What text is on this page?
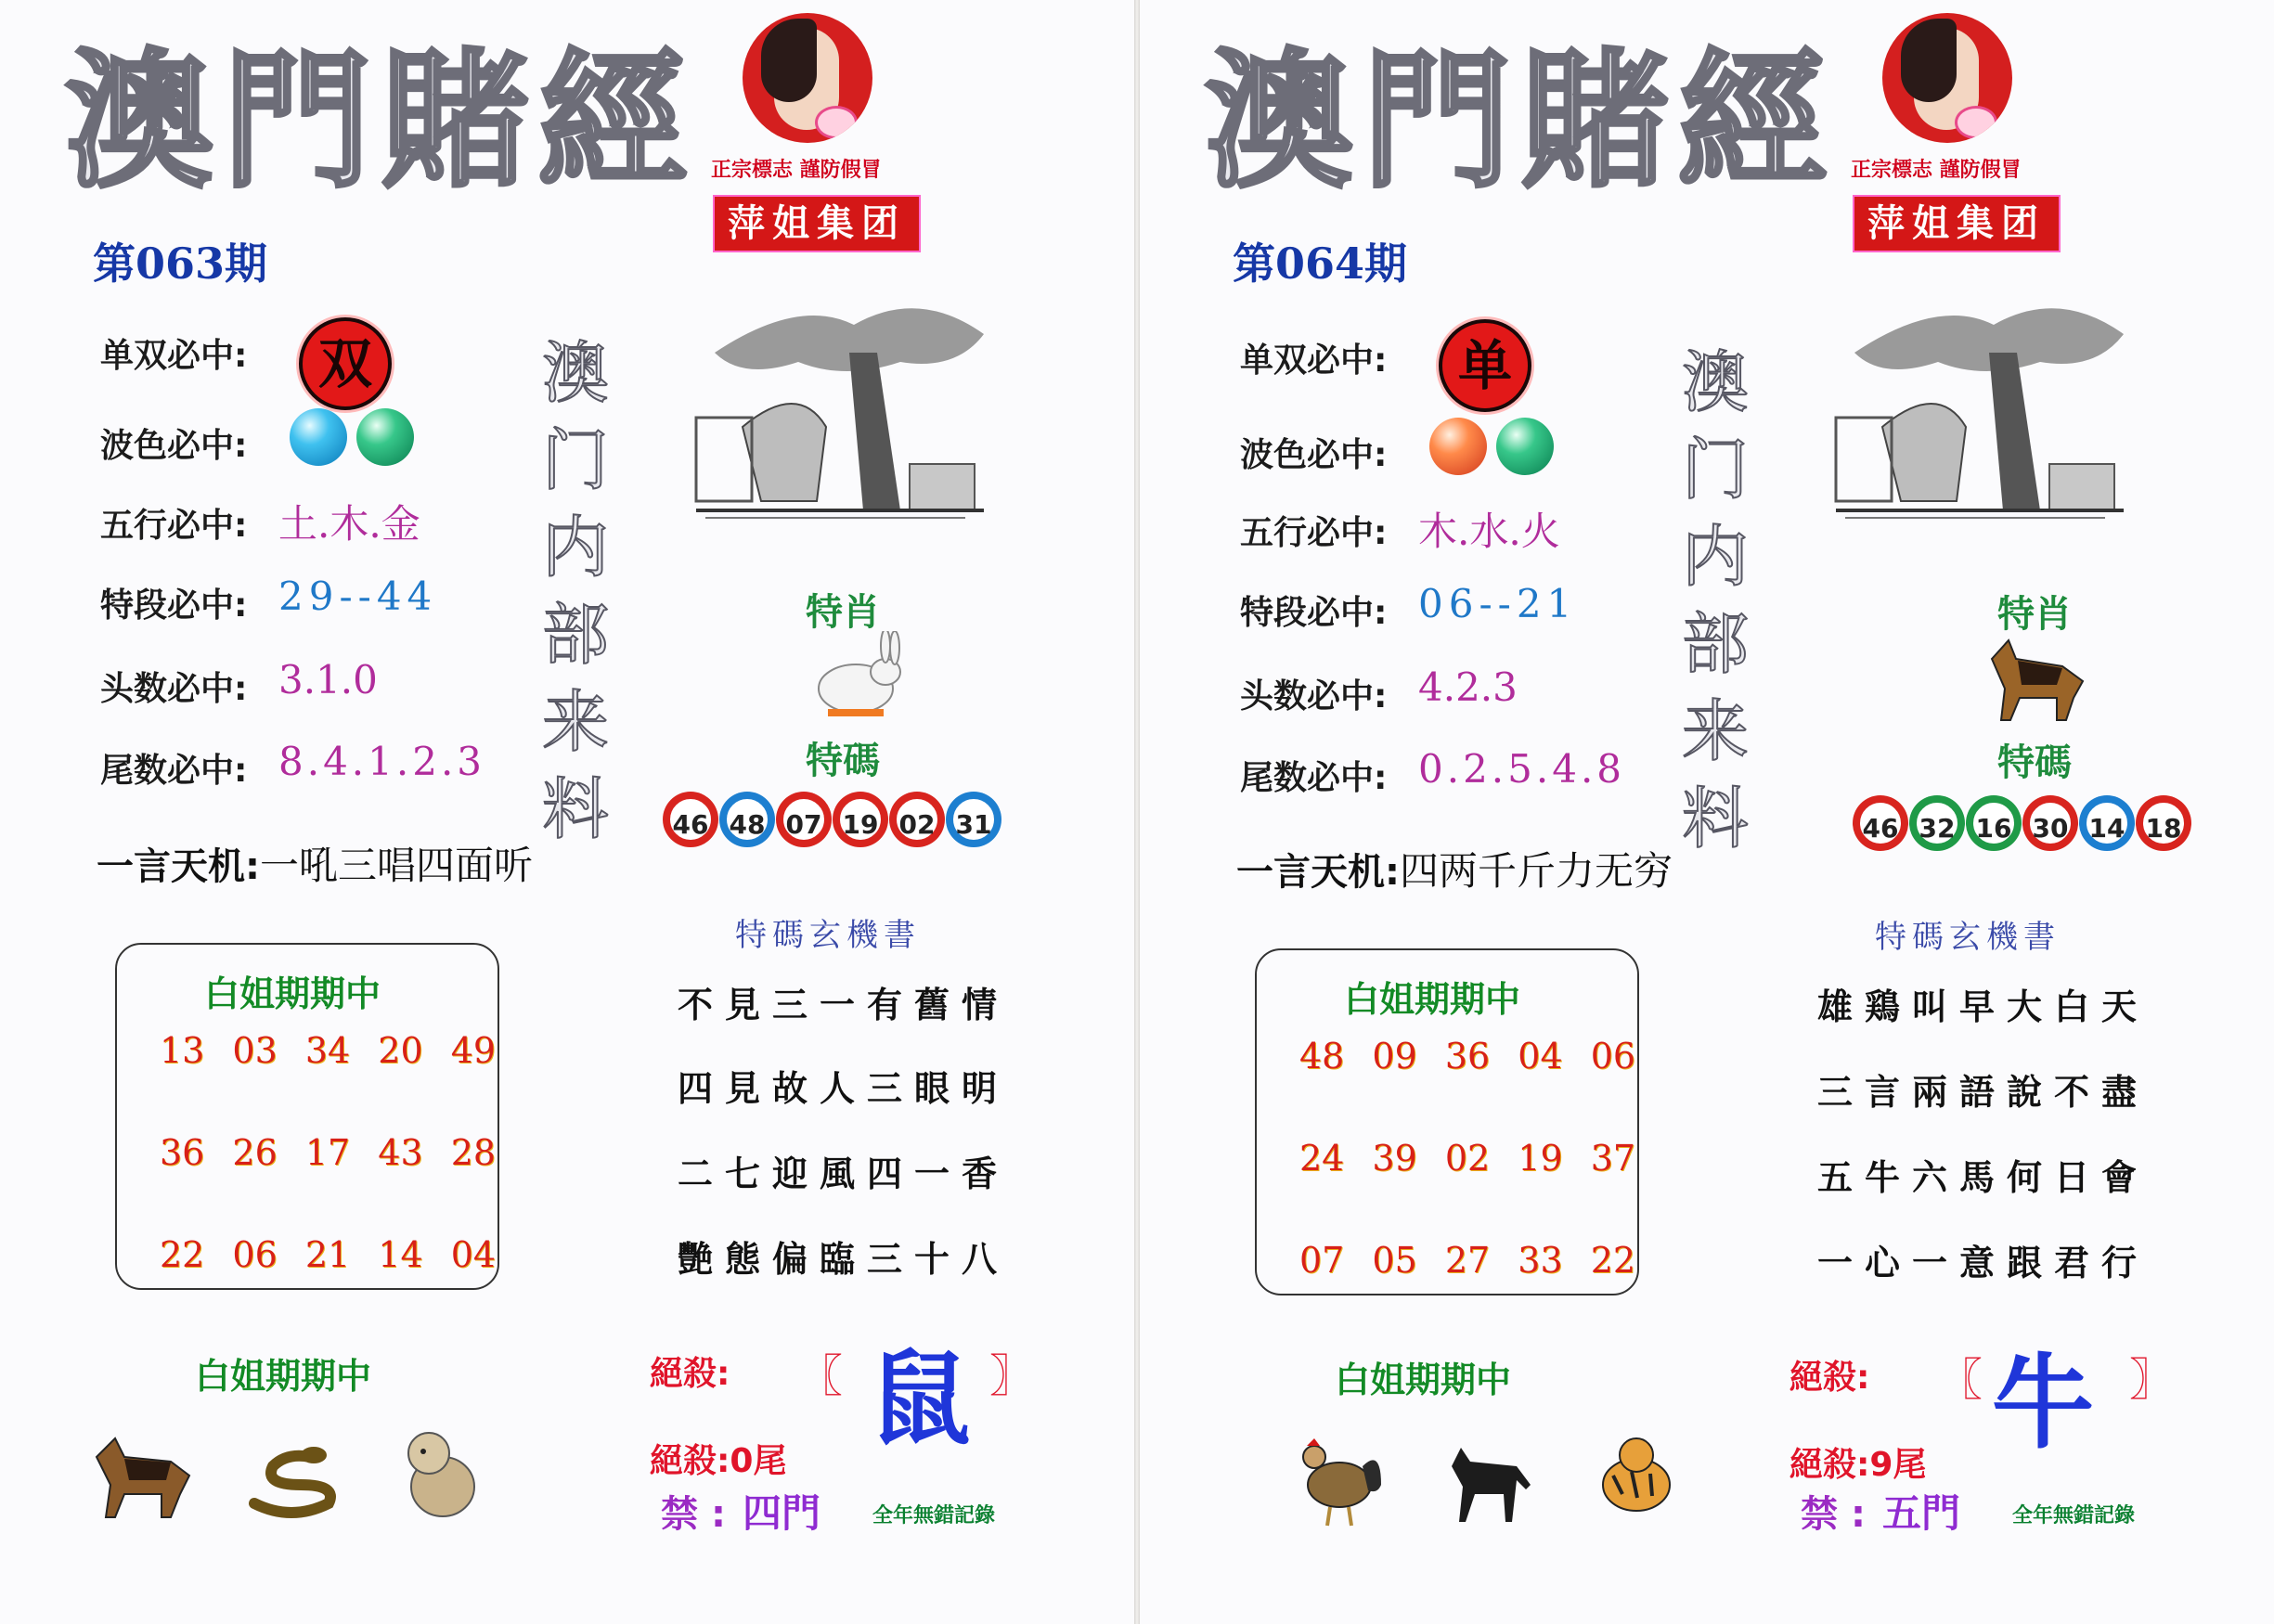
澳門賭經 正宗標志 謹防假冒
萍姐集团
第063期
单双必中:	双
波色必中:
五行必中: 土.木.金
特段必中: 29--44
头数必中: 3.1.0
尾数必中: 8.4.1.2.3
一言天机:一吼三唱四面听
澳门内部来料
特肖
特碼
46 48 07 19 02 31
白姐期期中
13 03 34 20 49
36 26 17 43 28
22 06 21 14 04
特碼玄機書
不見三一有舊情
四見故人三眼明
二七迎風四一香
艷態偏臨三十八
絕殺: 〖 鼠 〗
絕殺:0尾
禁 : 四門	全年無錯記錄
白姐期期中
澳門賭經 正宗標志 謹防假冒
萍姐集团
第064期
单双必中:	单
波色必中:
五行必中: 木.水.火
特段必中: 06--21
头数必中: 4.2.3
尾数必中: 0.2.5.4.8
一言天机:四两千斤力无穷
澳门内部来料
特肖
特碼
46 32 16 30 14 18
白姐期期中
48 09 36 04 06
24 39 02 19 37
07 05 27 33 22
特碼玄機書
雄鶏叫早大白天
三言兩語說不盡
五牛六馬何日會
一心一意跟君行
絕殺: 〖 牛 〗
絕殺:9尾
禁 : 五門	全年無錯記錄
白姐期期中
